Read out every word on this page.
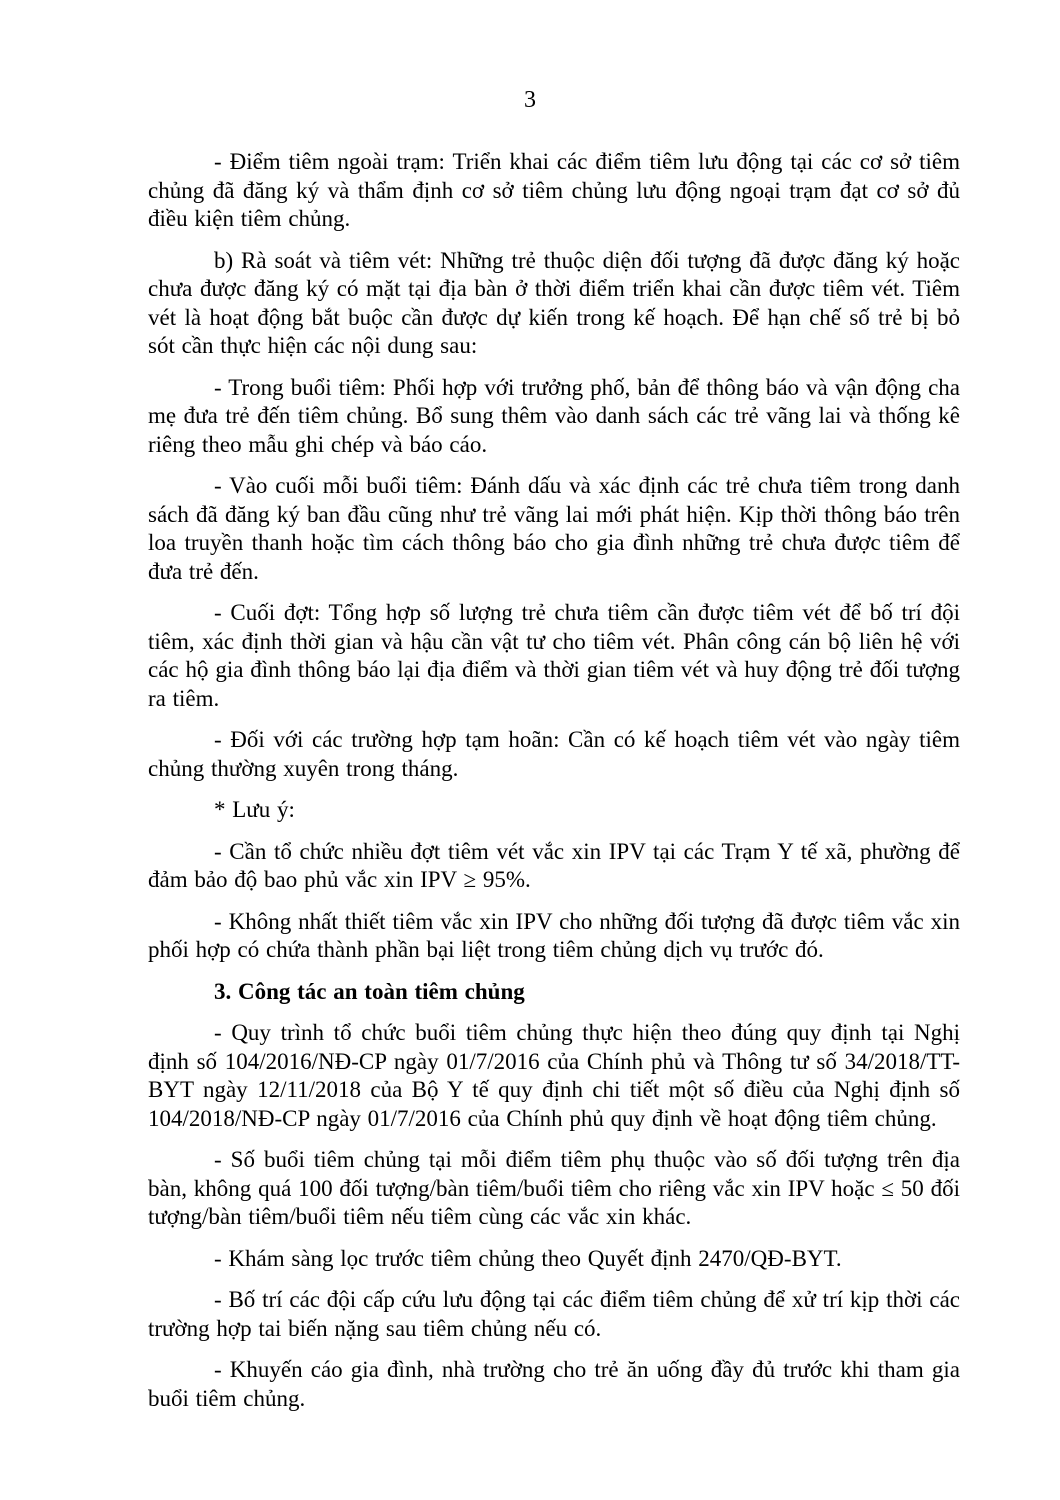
3

- Điểm tiêm ngoài trạm: Triển khai các điểm tiêm lưu động tại các cơ sở tiêm chủng đã đăng ký và thẩm định cơ sở tiêm chủng lưu động ngoại trạm đạt cơ sở đủ điều kiện tiêm chủng.

b) Rà soát và tiêm vét: Những trẻ thuộc diện đối tượng đã được đăng ký hoặc chưa được đăng ký có mặt tại địa bàn ở thời điểm triển khai cần được tiêm vét. Tiêm vét là hoạt động bắt buộc cần được dự kiến trong kế hoạch. Để hạn chế số trẻ bị bỏ sót cần thực hiện các nội dung sau:

- Trong buổi tiêm: Phối hợp với trưởng phố, bản để thông báo và vận động cha mẹ đưa trẻ đến tiêm chủng. Bổ sung thêm vào danh sách các trẻ vãng lai và thống kê riêng theo mẫu ghi chép và báo cáo.

- Vào cuối mỗi buổi tiêm: Đánh dấu và xác định các trẻ chưa tiêm trong danh sách đã đăng ký ban đầu cũng như trẻ vãng lai mới phát hiện. Kịp thời thông báo trên loa truyền thanh hoặc tìm cách thông báo cho gia đình những trẻ chưa được tiêm để đưa trẻ đến.

- Cuối đợt: Tổng hợp số lượng trẻ chưa tiêm cần được tiêm vét để bố trí đội tiêm, xác định thời gian và hậu cần vật tư cho tiêm vét. Phân công cán bộ liên hệ với các hộ gia đình thông báo lại địa điểm và thời gian tiêm vét và huy động trẻ đối tượng ra tiêm.

- Đối với các trường hợp tạm hoãn: Cần có kế hoạch tiêm vét vào ngày tiêm chủng thường xuyên trong tháng.

* Lưu ý:

- Cần tổ chức nhiều đợt tiêm vét vắc xin IPV tại các Trạm Y tế xã, phường để đảm bảo độ bao phủ vắc xin IPV ≥ 95%.

- Không nhất thiết tiêm vắc xin IPV cho những đối tượng đã được tiêm vắc xin phối hợp có chứa thành phần bại liệt trong tiêm chủng dịch vụ trước đó.

3. Công tác an toàn tiêm chủng

- Quy trình tổ chức buổi tiêm chủng thực hiện theo đúng quy định tại Nghị định số 104/2016/NĐ-CP ngày 01/7/2016 của Chính phủ và Thông tư số 34/2018/TT-BYT ngày 12/11/2018 của Bộ Y tế quy định chi tiết một số điều của Nghị định số 104/2018/NĐ-CP ngày 01/7/2016 của Chính phủ quy định về hoạt động tiêm chủng.

- Số buổi tiêm chủng tại mỗi điểm tiêm phụ thuộc vào số đối tượng trên địa bàn, không quá 100 đối tượng/bàn tiêm/buổi tiêm cho riêng vắc xin IPV hoặc ≤ 50 đối tượng/bàn tiêm/buổi tiêm nếu tiêm cùng các vắc xin khác.

- Khám sàng lọc trước tiêm chủng theo Quyết định 2470/QĐ-BYT.

- Bố trí các đội cấp cứu lưu động tại các điểm tiêm chủng để xử trí kịp thời các trường hợp tai biến nặng sau tiêm chủng nếu có.

- Khuyến cáo gia đình, nhà trường cho trẻ ăn uống đầy đủ trước khi tham gia buổi tiêm chủng.
